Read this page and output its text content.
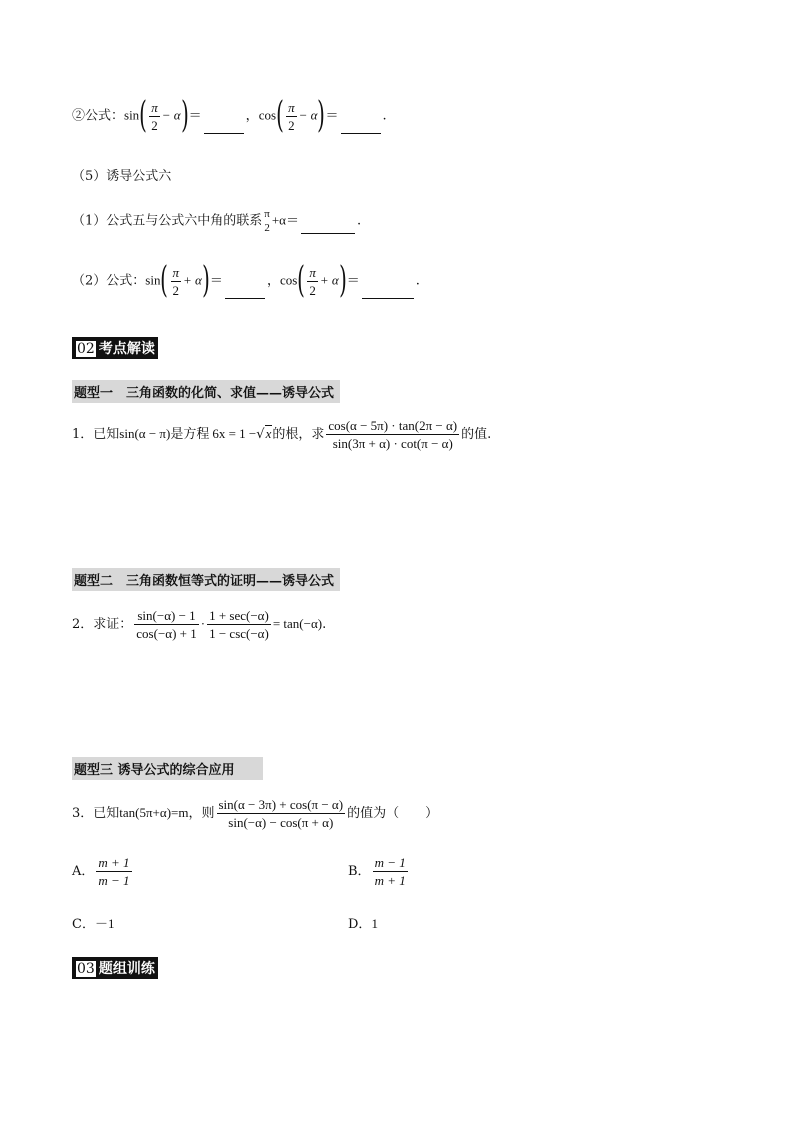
②公式：$\sin( \frac{\pi}{2} - \alpha)=$	，$\cos( \frac{\pi}{2} - \alpha)=$	.
（5）诱导公式六
（1）公式五与公式六中角的联系 π
2
+α＝	.
（2）公式：$\sin( \frac{\pi}{2} + \alpha)=$	，$\cos( \frac{\pi}{2} + \alpha)=$	.
02 考点解读
题型一　三角函数的化简、求值——诱导公式
1．已知sin(α − π)是方程 6x = 1 −√x的根，求 $\frac{\cos(\alpha - 5\pi) \cdot \tan(2\pi - \alpha)}{\sin(3\pi + \alpha) \cdot \cot(\pi - \alpha)}$ 的值.
题型二　三角函数恒等式的证明——诱导公式
2．求证： $\frac{\sin(-\alpha) - 1}{\cos(-\alpha) + 1} \cdot \frac{1 + \sec(-\alpha)}{1 - \csc(-\alpha)} = \tan(-\alpha)$.
题型三 诱导公式的综合应用
3．已知tan(5π+α)=m，则 $\frac{\sin(\alpha - 3\pi) + \cos(\pi - \alpha)}{\sin(-\alpha) - \cos(\pi + \alpha)}$ 的值为（　　）
A． $\frac{m + 1}{m - 1}$	B． $\frac{m - 1}{m + 1}$
C．－1	D．1
03 题组训练
